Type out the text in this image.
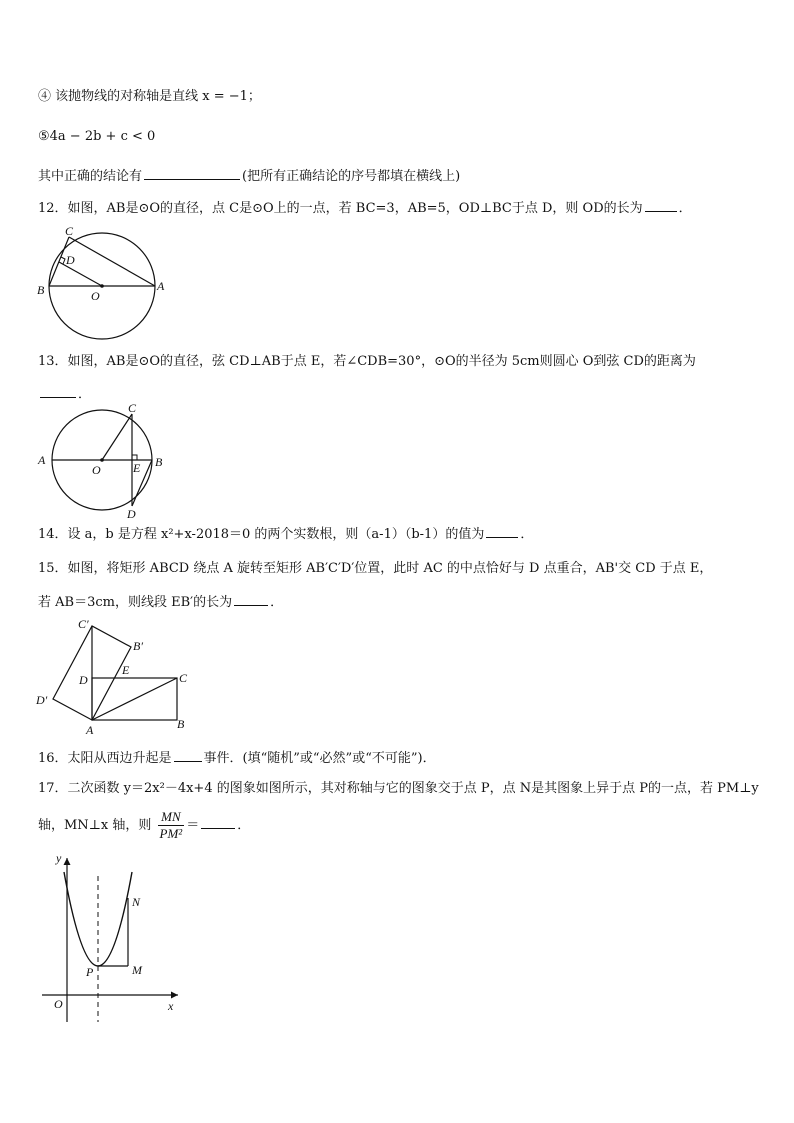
④ 该抛物线的对称轴是直线 x = −1；
⑤4a − 2b + c < 0
其中正确的结论有	(把所有正确结论的序号都填在横线上)
12．如图，AB是⊙O的直径，点 C是⊙O上的一点，若 BC=3，AB=5，OD⊥BC于点 D，则 OD的长为	．
C
D
B	O
A
13．如图，AB是⊙O的直径，弦 CD⊥AB于点 E，若∠CDB=30°，⊙O的半径为 5cm则圆心 O到弦 CD的距离为
．
A
O	E B
C
D
14．设 a，b 是方程 x²+x-2018＝0 的两个实数根，则（a-1）（b-1）的值为	．
15．如图，将矩形 ABCD 绕点 A 旋转至矩形 AB′C′D′位置，此时 AC 的中点恰好与 D 点重合，AB'交 CD 于点 E，
若 AB＝3cm，则线段 EB′的长为	．
C′
B′
E
D	C
D′
A	B
16．太阳从西边升起是 事件．(填“随机”或“必然”或“不可能”)．
17．二次函数 y＝2x²－4x+4 的图象如图所示，其对称轴与它的图象交于点 P，点 N是其图象上异于点 P的一点，若 PM⊥y
轴，MN⊥x 轴，则 $\frac{MN}{\text{PM²}}$ ＝	．
y
x
O
N
P	M
